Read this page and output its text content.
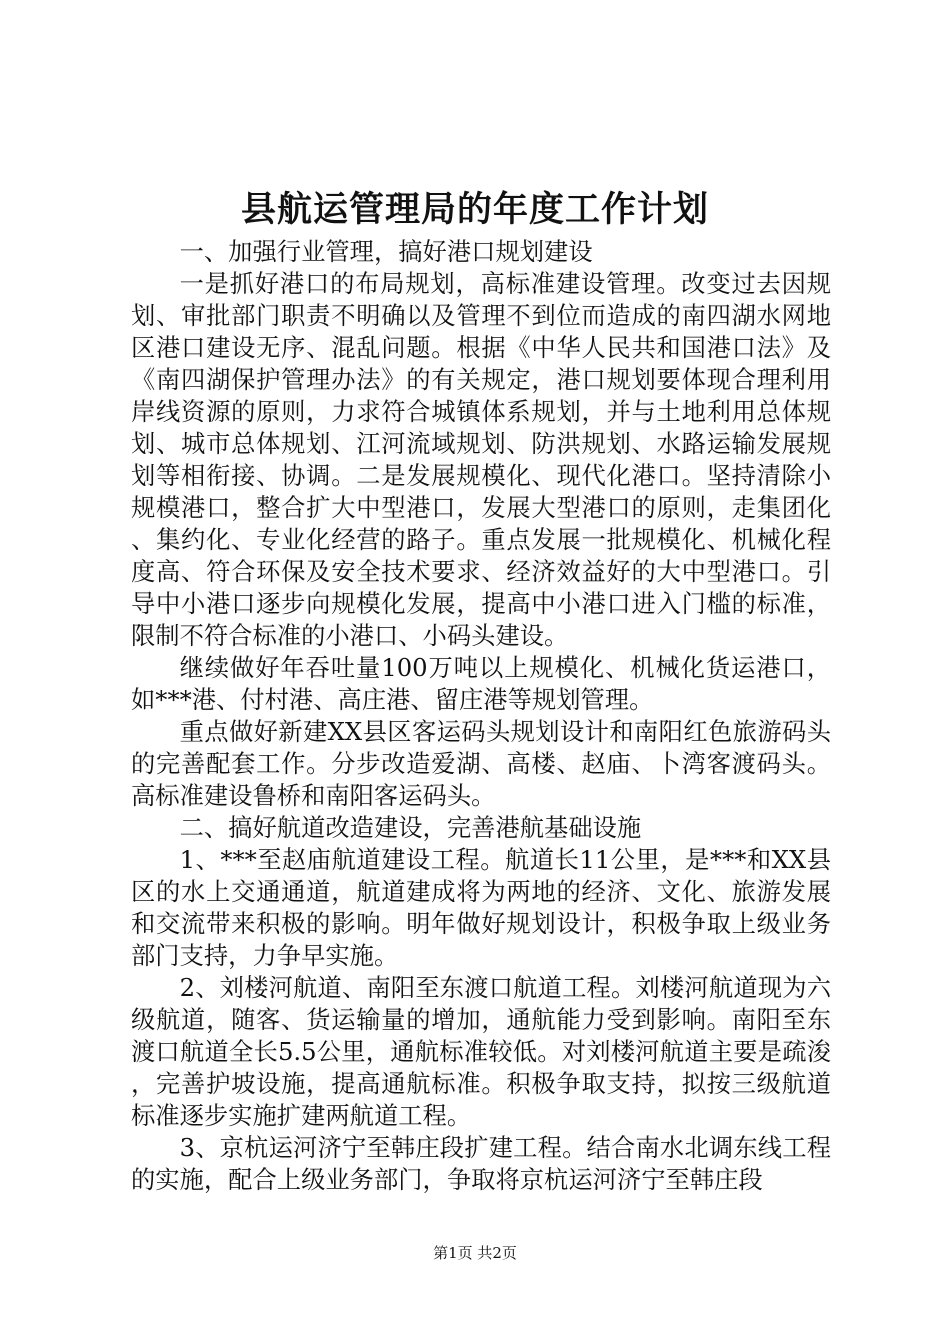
县航运管理局的年度工作计划

一、加强行业管理，搞好港口规划建设

一是抓好港口的布局规划，高标准建设管理。改变过去因规划、审批部门职责不明确以及管理不到位而造成的南四湖水网地区港口建设无序、混乱问题。根据《中华人民共和国港口法》及《南四湖保护管理办法》的有关规定，港口规划要体现合理利用岸线资源的原则，力求符合城镇体系规划，并与土地利用总体规划、城市总体规划、江河流域规划、防洪规划、水路运输发展规划等相衔接、协调。二是发展规模化、现代化港口。坚持清除小规模港口，整合扩大中型港口，发展大型港口的原则，走集团化、集约化、专业化经营的路子。重点发展一批规模化、机械化程度高、符合环保及安全技术要求、经济效益好的大中型港口。引导中小港口逐步向规模化发展，提高中小港口进入门槛的标准，限制不符合标准的小港口、小码头建设。

继续做好年吞吐量100万吨以上规模化、机械化货运港口，如***港、付村港、高庄港、留庄港等规划管理。

重点做好新建XX县区客运码头规划设计和南阳红色旅游码头的完善配套工作。分步改造爱湖、高楼、赵庙、卜湾客渡码头。高标准建设鲁桥和南阳客运码头。

二、搞好航道改造建设，完善港航基础设施

1、***至赵庙航道建设工程。航道长11公里，是***和XX县区的水上交通通道，航道建成将为两地的经济、文化、旅游发展和交流带来积极的影响。明年做好规划设计，积极争取上级业务部门支持，力争早实施。

2、刘楼河航道、南阳至东渡口航道工程。刘楼河航道现为六级航道，随客、货运输量的增加，通航能力受到影响。南阳至东渡口航道全长5.5公里，通航标准较低。对刘楼河航道主要是疏浚，完善护坡设施，提高通航标准。积极争取支持，拟按三级航道标准逐步实施扩建两航道工程。

3、京杭运河济宁至韩庄段扩建工程。结合南水北调东线工程的实施，配合上级业务部门，争取将京杭运河济宁至韩庄段

第1页 共2页
